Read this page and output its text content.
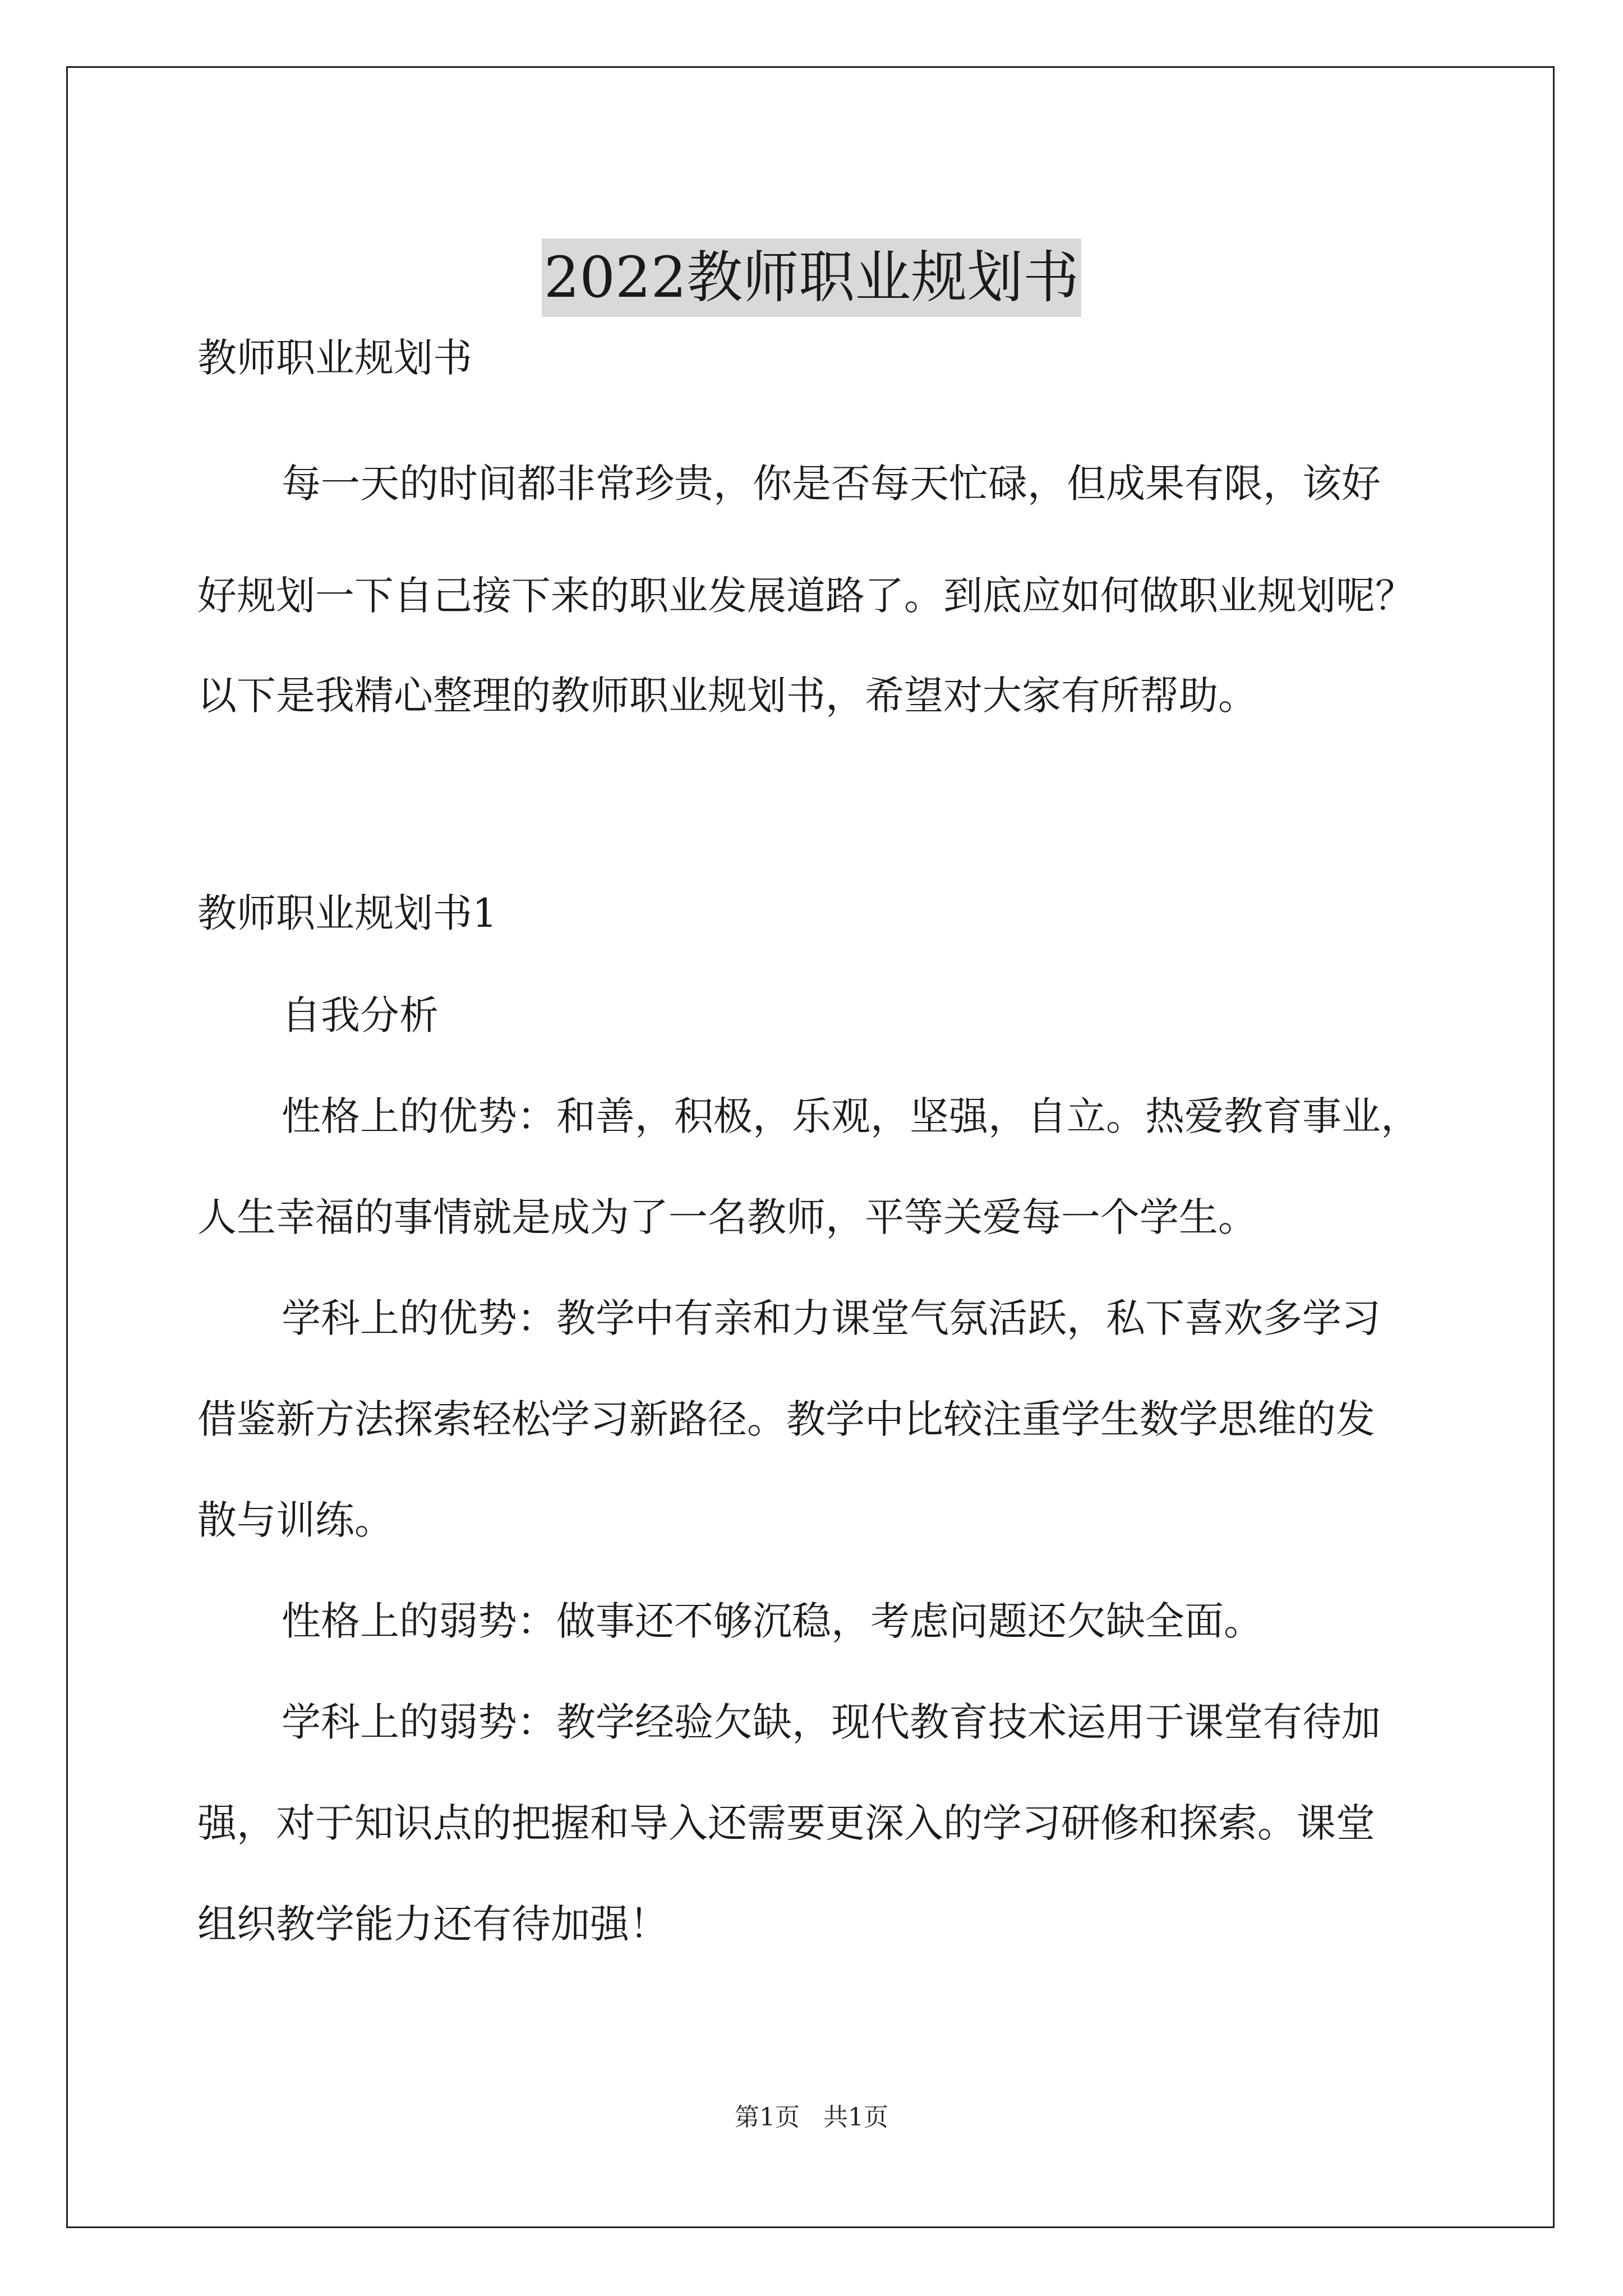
2022教师职业规划书
教师职业规划书
每一天的时间都非常珍贵，你是否每天忙碌，但成果有限，该好
好规划一下自己接下来的职业发展道路了。到底应如何做职业规划呢？
以下是我精心整理的教师职业规划书，希望对大家有所帮助。
教师职业规划书1
自我分析
性格上的优势：和善，积极，乐观，坚强，自立。热爱教育事业，
人生幸福的事情就是成为了一名教师，平等关爱每一个学生。
学科上的优势：教学中有亲和力课堂气氛活跃，私下喜欢多学习
借鉴新方法探索轻松学习新路径。教学中比较注重学生数学思维的发
散与训练。
性格上的弱势：做事还不够沉稳，考虑问题还欠缺全面。
学科上的弱势：教学经验欠缺，现代教育技术运用于课堂有待加
强，对于知识点的把握和导入还需要更深入的学习研修和探索。课堂
组织教学能力还有待加强！
第1页 共1页
